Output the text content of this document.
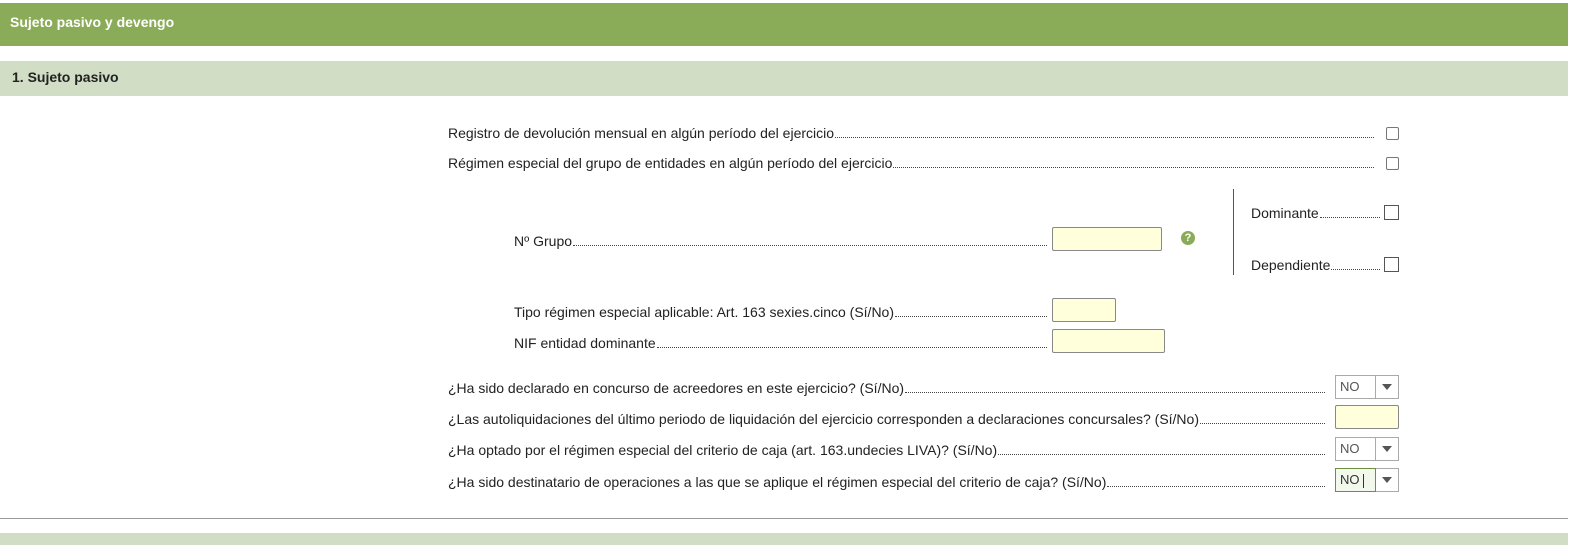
Sujeto pasivo y devengo
1. Sujeto pasivo
Registro de devolución mensual en algún período del ejercicio
Régimen especial del grupo de entidades en algún período del ejercicio
Nº Grupo	?
Dominante
Dependiente
Tipo régimen especial aplicable: Art. 163 sexies.cinco (Sí/No)
NIF entidad dominante
¿Ha sido declarado en concurso de acreedores en este ejercicio? (Sí/No)	NO
¿Las autoliquidaciones del último periodo de liquidación del ejercicio corresponden a declaraciones concursales? (Sí/No)
¿Ha optado por el régimen especial del criterio de caja (art. 163.undecies LIVA)? (Sí/No)	NO
¿Ha sido destinatario de operaciones a las que se aplique el régimen especial del criterio de caja? (Sí/No)	NO
